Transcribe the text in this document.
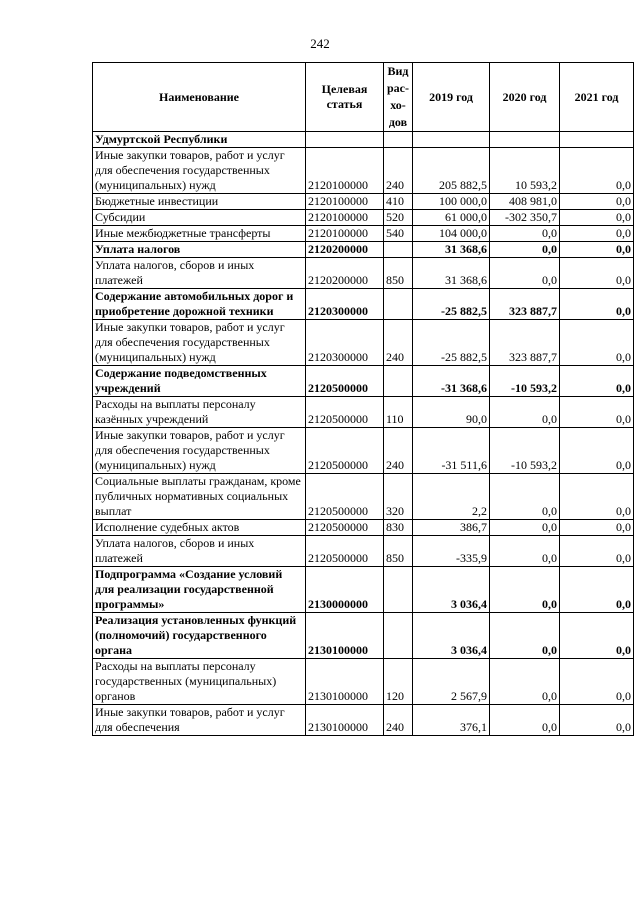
242
Наименование	Целевая статья	Вид рас-хо-дов	2019 год	2020 год	2021 год
Удмуртской Республики					
Иные закупки товаров, работ и услуг для обеспечения государственных (муниципальных) нужд	2120100000	240	205 882,5	10 593,2	0,0
Бюджетные инвестиции	2120100000	410	100 000,0	408 981,0	0,0
Субсидии	2120100000	520	61 000,0	-302 350,7	0,0
Иные межбюджетные трансферты	2120100000	540	104 000,0	0,0	0,0
Уплата налогов	2120200000		31 368,6	0,0	0,0
Уплата налогов, сборов и иных платежей	2120200000	850	31 368,6	0,0	0,0
Содержание автомобильных дорог и приобретение дорожной техники	2120300000		-25 882,5	323 887,7	0,0
Иные закупки товаров, работ и услуг для обеспечения государственных (муниципальных) нужд	2120300000	240	-25 882,5	323 887,7	0,0
Содержание подведомственных учреждений	2120500000		-31 368,6	-10 593,2	0,0
Расходы на выплаты персоналу казённых учреждений	2120500000	110	90,0	0,0	0,0
Иные закупки товаров, работ и услуг для обеспечения государственных (муниципальных) нужд	2120500000	240	-31 511,6	-10 593,2	0,0
Социальные выплаты гражданам, кроме публичных нормативных социальных выплат	2120500000	320	2,2	0,0	0,0
Исполнение судебных актов	2120500000	830	386,7	0,0	0,0
Уплата налогов, сборов и иных платежей	2120500000	850	-335,9	0,0	0,0
Подпрограмма «Создание условий для реализации государственной программы»	2130000000		3 036,4	0,0	0,0
Реализация установленных функций (полномочий) государственного органа	2130100000		3 036,4	0,0	0,0
Расходы на выплаты персоналу государственных (муниципальных) органов	2130100000	120	2 567,9	0,0	0,0
Иные закупки товаров, работ и услуг для обеспечения	2130100000	240	376,1	0,0	0,0
